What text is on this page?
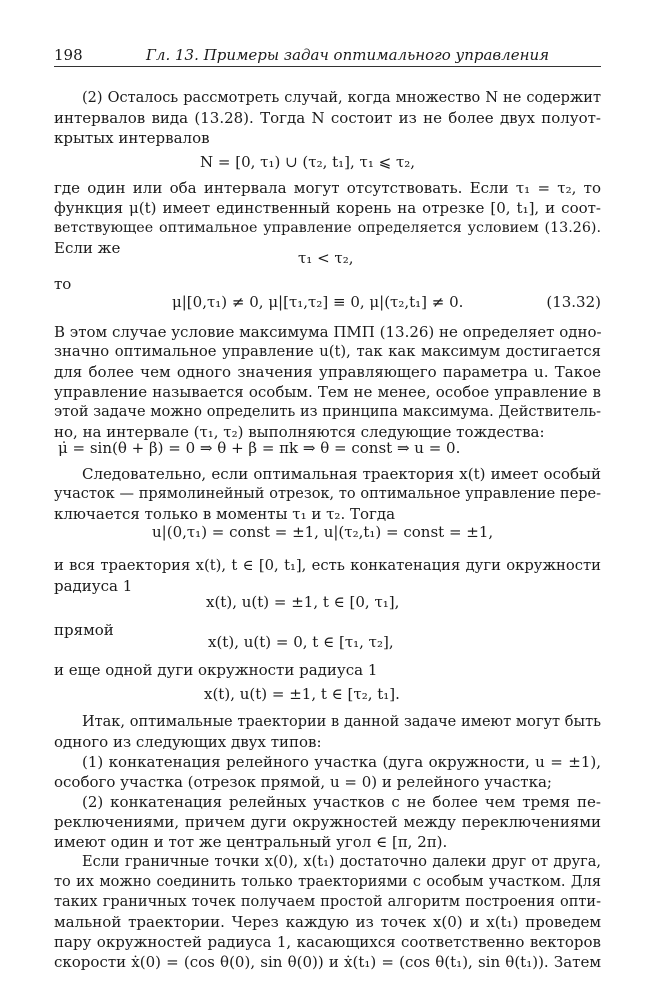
198	Гл. 13. Примеры задач оптимального управления
(2) Осталось рассмотреть случай, когда множество N не содержит
интервалов вида (13.28). Тогда N состоит из не более двух полуот-
крытых интервалов
N = [0, τ₁) ∪ (τ₂, t₁], τ₁ ⩽ τ₂,
где один или оба интервала могут отсутствовать. Если τ₁ = τ₂, то
функция μ(t) имеет единственный корень на отрезке [0, t₁], и соот-
ветствующее оптимальное управление определяется условием (13.26).
Если же
τ₁ < τ₂,
то
μ|[0,τ₁) ≠ 0, μ|[τ₁,τ₂] ≡ 0, μ|(τ₂,t₁] ≠ 0.	(13.32)
В этом случае условие максимума ПМП (13.26) не определяет одно-
значно оптимальное управление u(t), так как максимум достигается
для более чем одного значения управляющего параметра u. Такое
управление называется особым. Тем не менее, особое управление в
этой задаче можно определить из принципа максимума. Действитель-
но, на интервале (τ₁, τ₂) выполняются следующие тождества:
μ̇ = sin(θ + β) = 0 ⇒ θ + β = πk ⇒ θ = const ⇒ u = 0.
Следовательно, если оптимальная траектория x(t) имеет особый
участок — прямолинейный отрезок, то оптимальное управление пере-
ключается только в моменты τ₁ и τ₂. Тогда
u|(0,τ₁) = const = ±1, u|(τ₂,t₁) = const = ±1,
и вся траектория x(t), t ∈ [0, t₁], есть конкатенация дуги окружности
радиуса 1
x(t), u(t) = ±1, t ∈ [0, τ₁],
прямой
x(t), u(t) = 0, t ∈ [τ₁, τ₂],
и еще одной дуги окружности радиуса 1
x(t), u(t) = ±1, t ∈ [τ₂, t₁].
Итак, оптимальные траектории в данной задаче имеют могут быть
одного из следующих двух типов:
(1) конкатенация релейного участка (дуга окружности, u = ±1),
особого участка (отрезок прямой, u = 0) и релейного участка;
(2) конкатенация релейных участков с не более чем тремя пе-
реключениями, причем дуги окружностей между переключениями
имеют один и тот же центральный угол ∈ [π, 2π).
Если граничные точки x(0), x(t₁) достаточно далеки друг от друга,
то их можно соединить только траекториями с особым участком. Для
таких граничных точек получаем простой алгоритм построения опти-
мальной траектории. Через каждую из точек x(0) и x(t₁) проведем
пару окружностей радиуса 1, касающихся соответственно векторов
скорости ẋ(0) = (cos θ(0), sin θ(0)) и ẋ(t₁) = (cos θ(t₁), sin θ(t₁)). Затем
